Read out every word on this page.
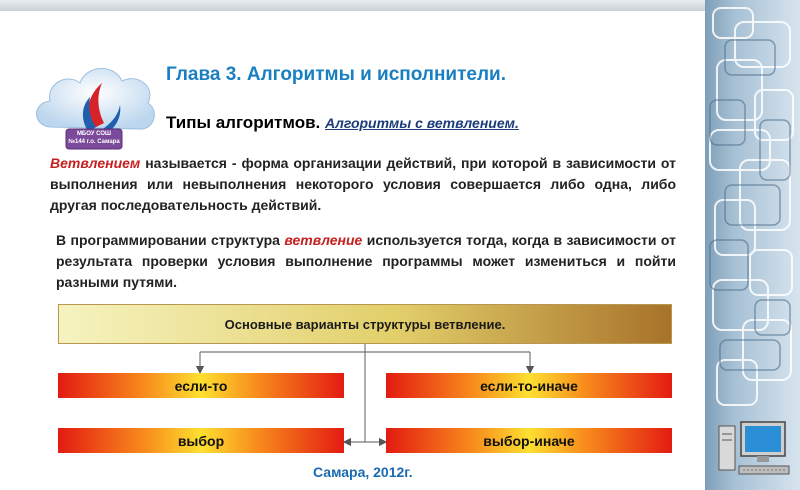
МБОУ СОШ
№144 г.о. Самара
Глава 3. Алгоритмы и исполнители.
Типы алгоритмов. Алгоритмы с ветвлением.
Ветвлением называется - форма организации действий, при которой в зависимости от выполнения или невыполнения некоторого условия совершается либо одна, либо другая последовательность действий.
В программировании структура ветвление используется тогда, когда в зависимости от результата проверки условия выполнение программы может измениться и пойти разными путями.
Основные варианты структуры ветвление.
если-то	если-то-иначе
выбор	выбор-иначе
Самара, 2012г.
